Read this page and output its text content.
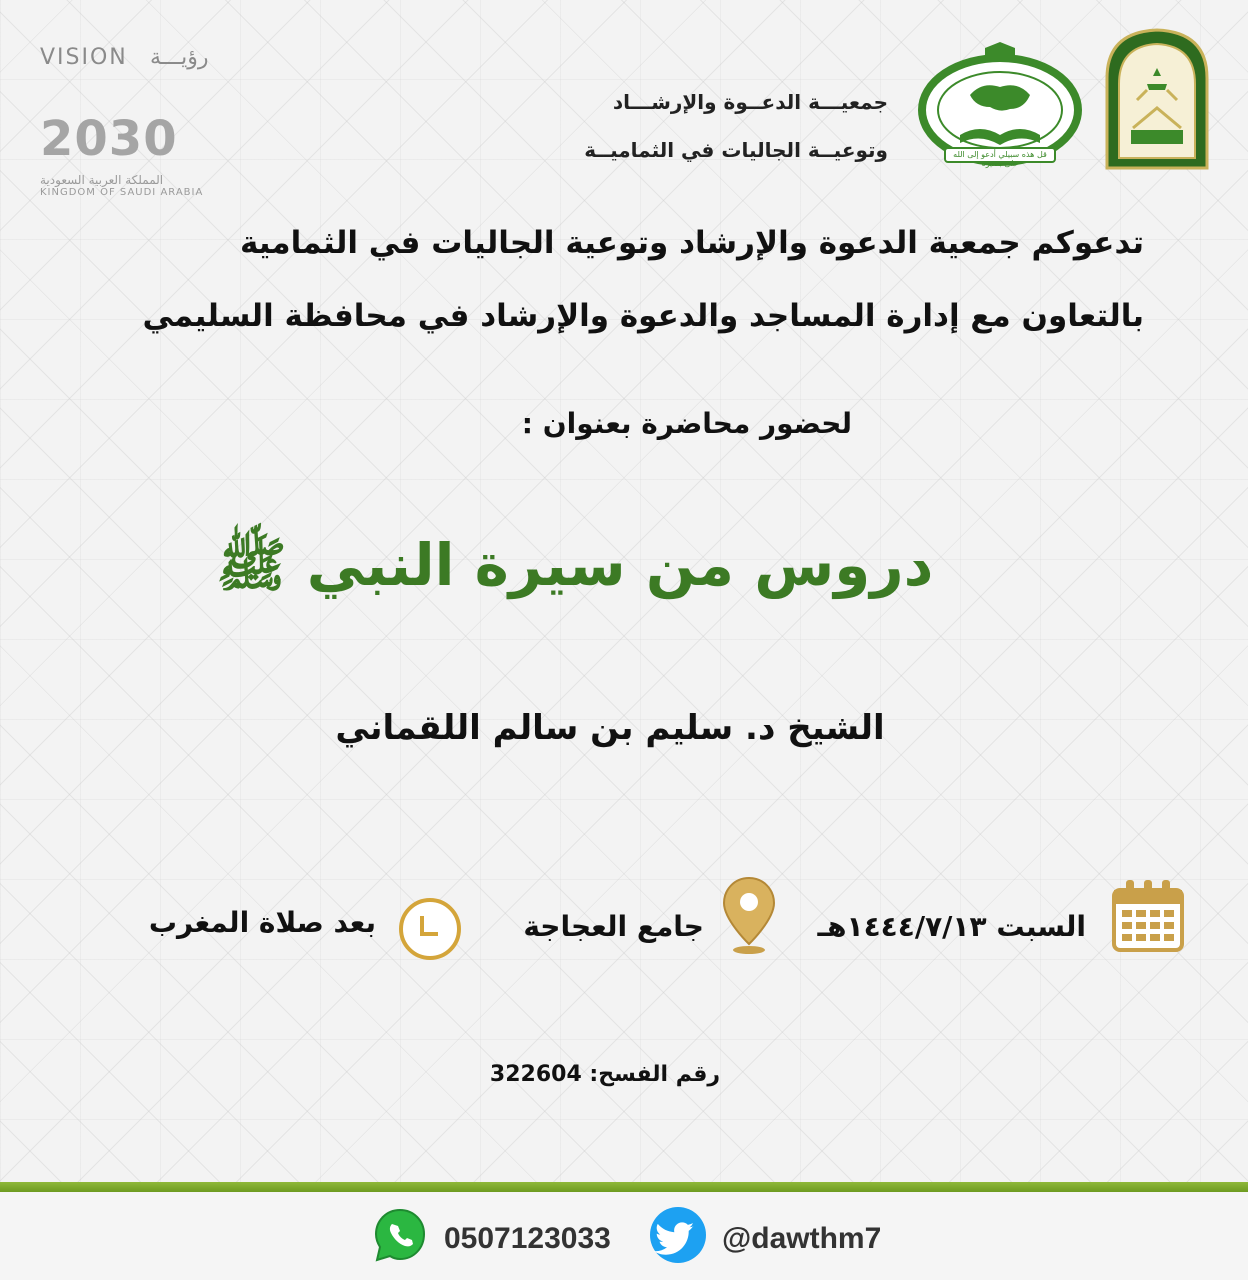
VISION رؤيـــة
2030
المملكة العربية السعودية
KINGDOM OF SAUDI ARABIA
جمعيـــة الدعــوة والإرشـــاد
وتوعيــة الجاليات في الثماميــة	قل هذه سبيلي أدعو إلى الله على بصيرة
تدعوكم جمعية الدعوة والإرشاد وتوعية الجاليات في الثمامية
بالتعاون مع إدارة المساجد والدعوة والإرشاد في محافظة السليمي
لحضور محاضرة بعنوان :
دروس من سيرة النبي ﷺ
الشيخ د. سليم بن سالم اللقماني
السبت ١٤٤٤/٧/١٣هـ
جامع العجاجة
بعد صلاة المغرب
رقم الفسح: 322604
0507123033	@dawthm7
